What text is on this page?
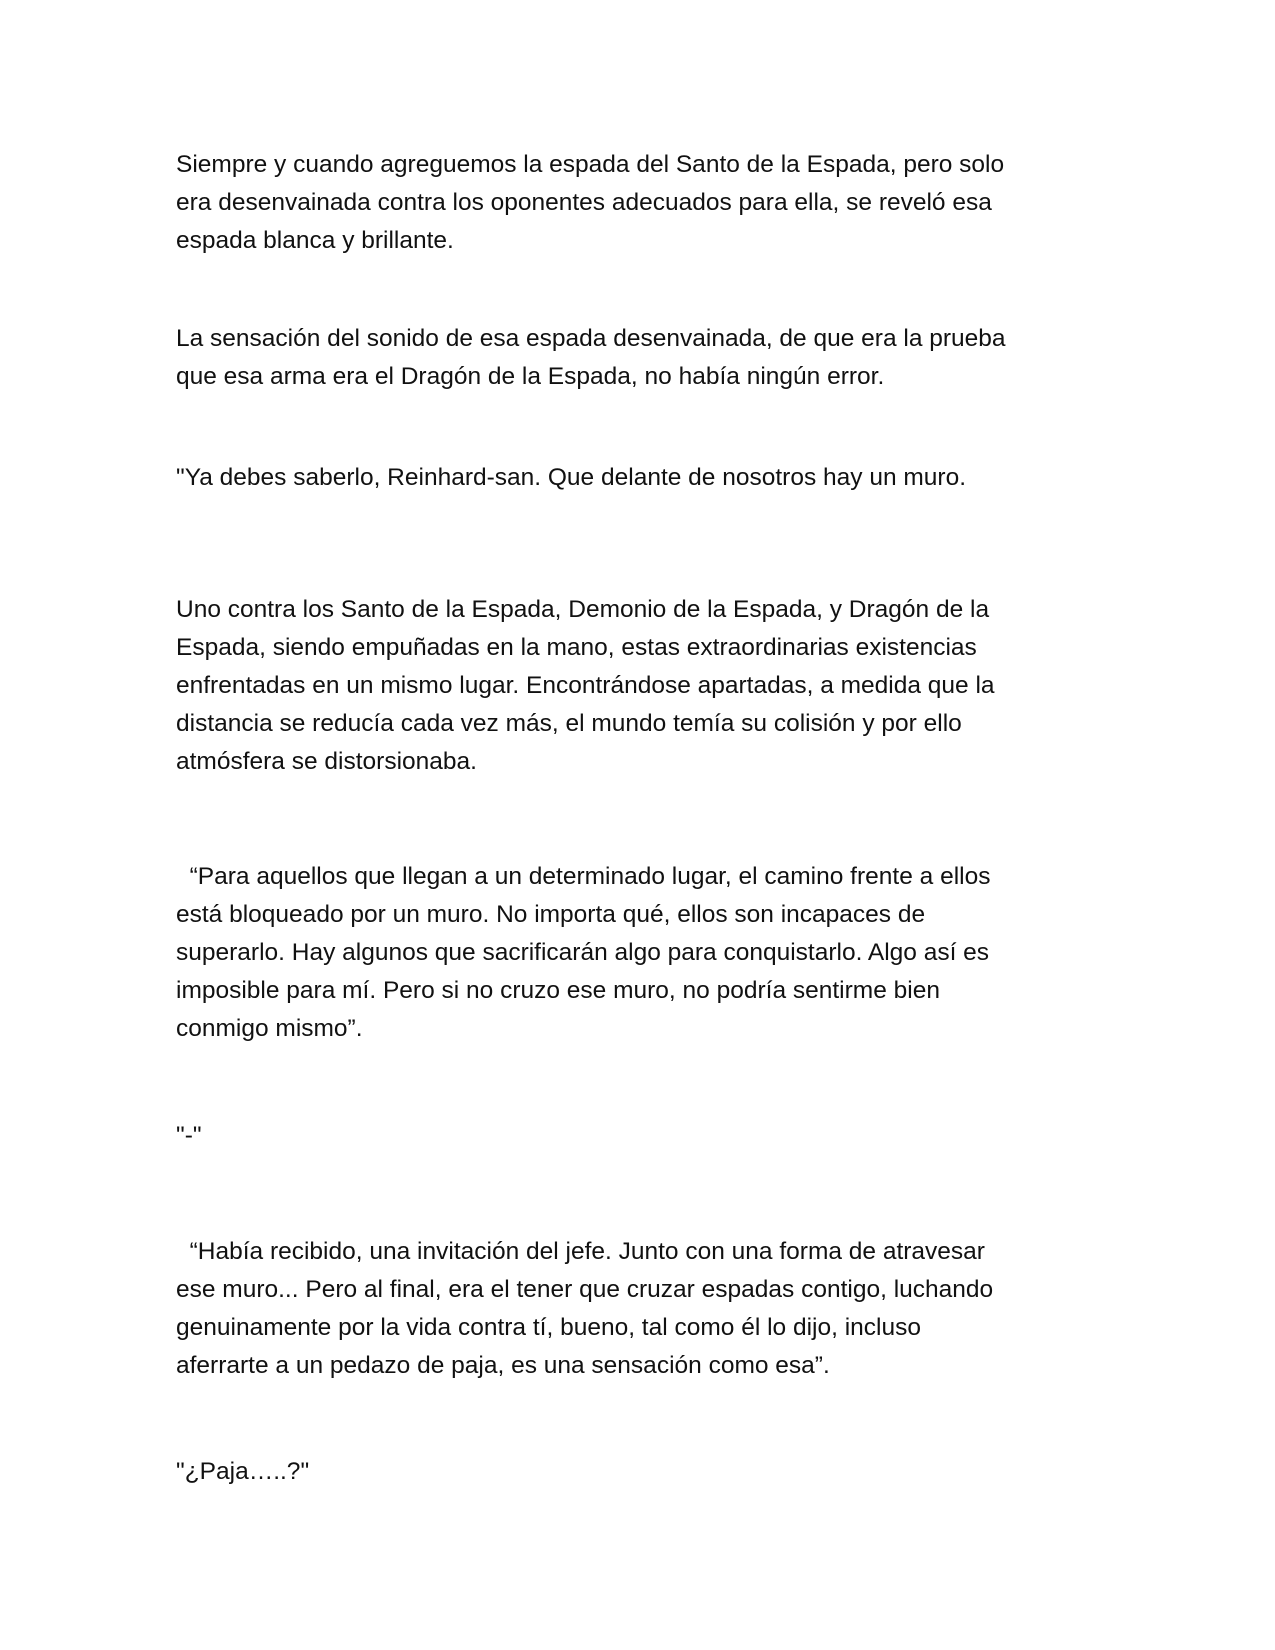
Siempre y cuando agreguemos la espada del Santo de la Espada, pero solo
era desenvainada contra los oponentes adecuados para ella, se reveló esa
espada blanca y brillante.

La sensación del sonido de esa espada desenvainada, de que era la prueba
que esa arma era el Dragón de la Espada, no había ningún error.

"Ya debes saberlo, Reinhard-san. Que delante de nosotros hay un muro.

Uno contra los Santo de la Espada, Demonio de la Espada, y Dragón de la
Espada, siendo empuñadas en la mano, estas extraordinarias existencias
enfrentadas en un mismo lugar. Encontrándose apartadas, a medida que la
distancia se reducía cada vez más, el mundo temía su colisión y por ello
atmósfera se distorsionaba.

“Para aquellos que llegan a un determinado lugar, el camino frente a ellos
está bloqueado por un muro. No importa qué, ellos son incapaces de
superarlo. Hay algunos que sacrificarán algo para conquistarlo. Algo así es
imposible para mí. Pero si no cruzo ese muro, no podría sentirme bien
conmigo mismo”.

"-"

“Había recibido, una invitación del jefe. Junto con una forma de atravesar
ese muro... Pero al final, era el tener que cruzar espadas contigo, luchando
genuinamente por la vida contra tí, bueno, tal como él lo dijo, incluso
aferrarte a un pedazo de paja, es una sensación como esa”.

"¿Paja…..?"
